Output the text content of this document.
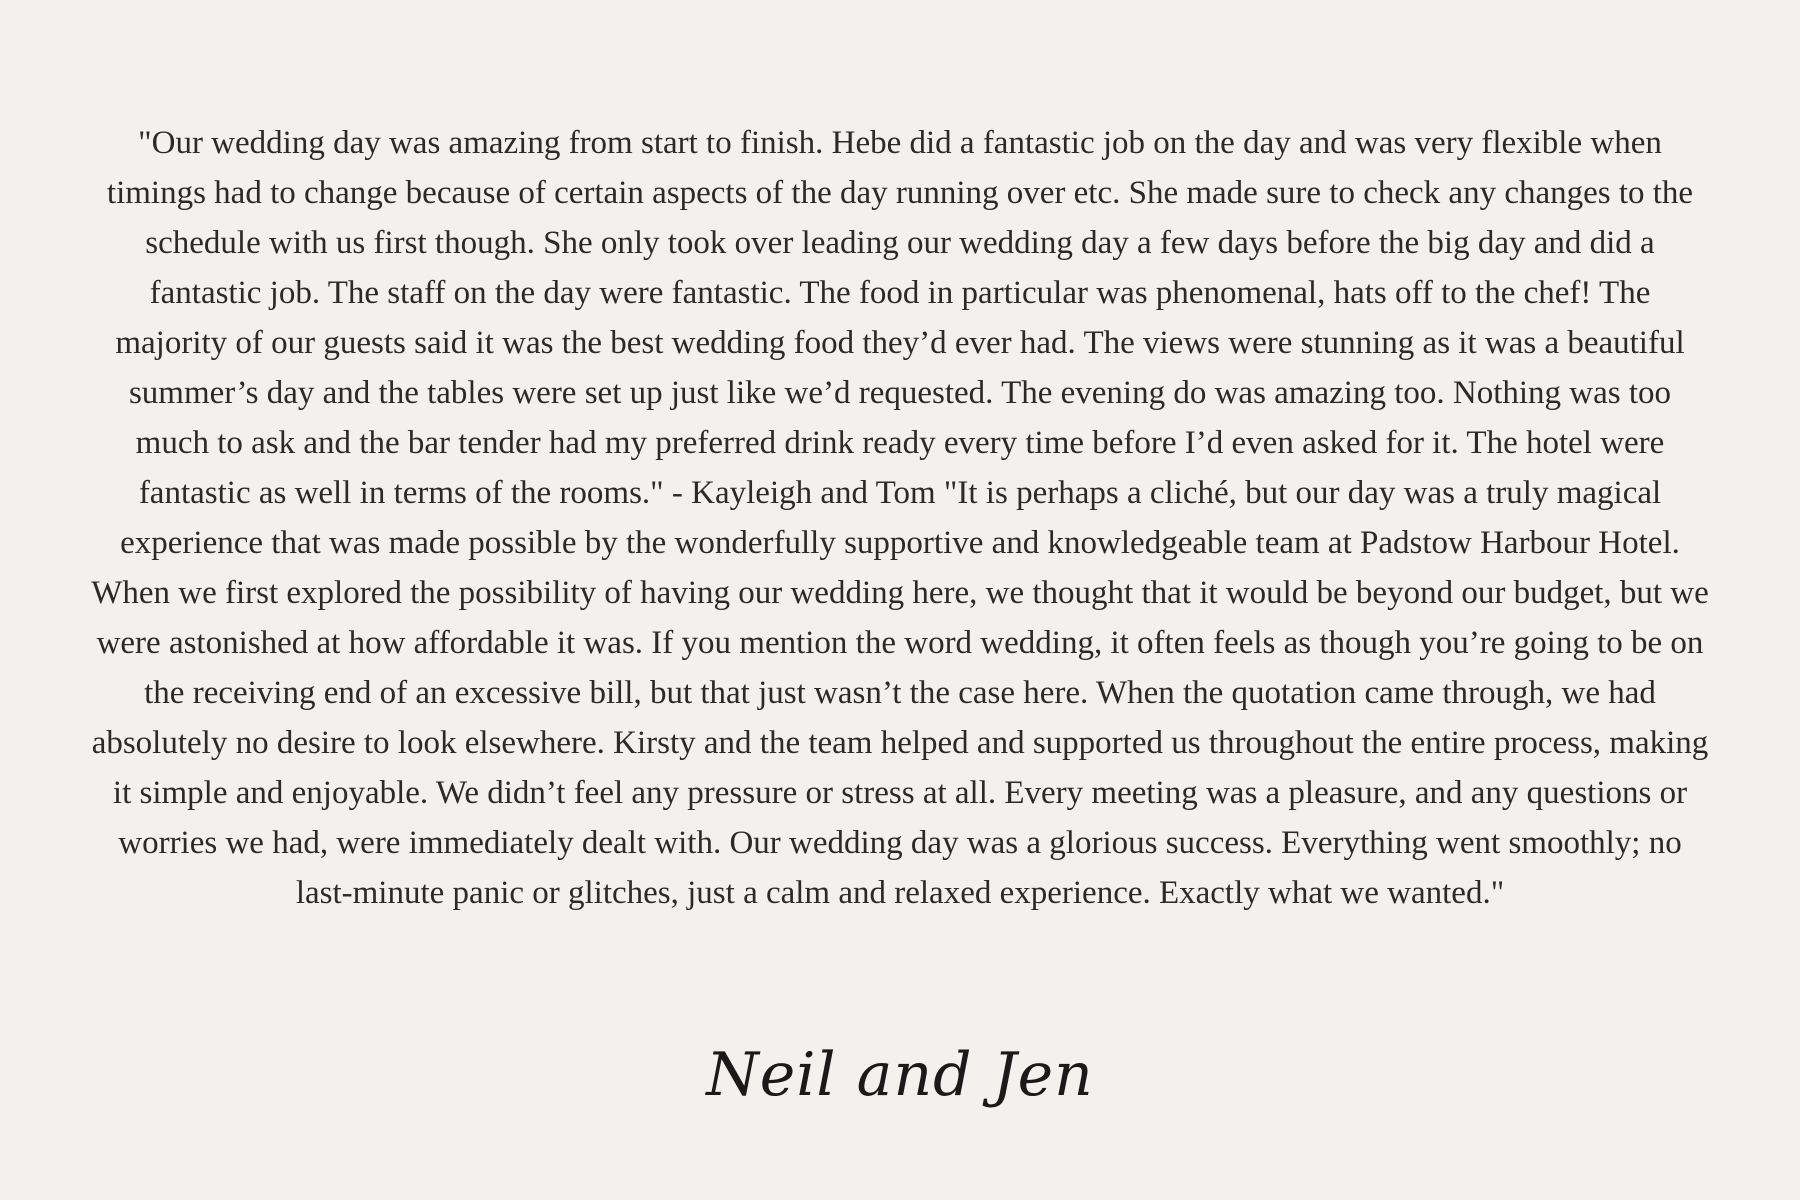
"Our wedding day was amazing from start to finish. Hebe did a fantastic job on the day and was very flexible when timings had to change because of certain aspects of the day running over etc. She made sure to check any changes to the schedule with us first though. She only took over leading our wedding day a few days before the big day and did a fantastic job. The staff on the day were fantastic. The food in particular was phenomenal, hats off to the chef! The majority of our guests said it was the best wedding food they’d ever had. The views were stunning as it was a beautiful summer’s day and the tables were set up just like we’d requested. The evening do was amazing too. Nothing was too much to ask and the bar tender had my preferred drink ready every time before I’d even asked for it. The hotel were fantastic as well in terms of the rooms." - Kayleigh and Tom "It is perhaps a cliché, but our day was a truly magical experience that was made possible by the wonderfully supportive and knowledgeable team at Padstow Harbour Hotel. When we first explored the possibility of having our wedding here, we thought that it would be beyond our budget, but we were astonished at how affordable it was. If you mention the word wedding, it often feels as though you’re going to be on the receiving end of an excessive bill, but that just wasn’t the case here. When the quotation came through, we had absolutely no desire to look elsewhere. Kirsty and the team helped and supported us throughout the entire process, making it simple and enjoyable. We didn’t feel any pressure or stress at all. Every meeting was a pleasure, and any questions or worries we had, were immediately dealt with. Our wedding day was a glorious success. Everything went smoothly; no last-minute panic or glitches, just a calm and relaxed experience. Exactly what we wanted."

Neil and Jen
